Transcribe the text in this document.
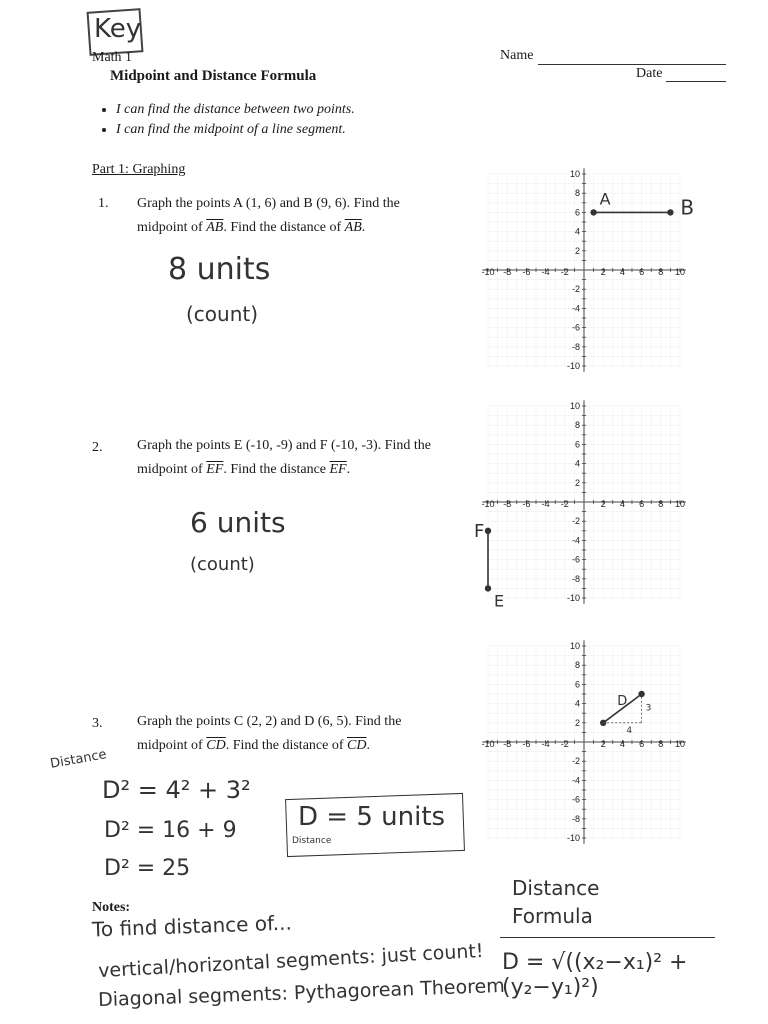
Key
Math 1
Midpoint and Distance Formula
Name
Date
• I can find the distance between two points.
• I can find the midpoint of a line segment.
Part 1: Graphing
1. Graph the points A (1, 6) and B (9, 6). Find the
midpoint of $\overline{AB}$. Find the distance of $\overline{AB}$.
8 units
(count)
2. Graph the points E (-10, -9) and F (-10, -3). Find the
midpoint of $\overline{EF}$. Find the distance $\overline{EF}$.
6 units
(count)
3. Graph the points C (2, 2) and D (6, 5). Find the
midpoint of $\overline{CD}$. Find the distance of $\overline{CD}$.
Distance
D² = 4² + 3²
D² = 16 + 9
D² = 25
D = 5 units
Distance
-10 -8 -6 -4 -2	2 4 6 8 10
10
8
6
4
2
-2
-4
-6
-8
-10
A	B
-10 -8 -6 -4 -2	2 4 6 8 10
10
8
6
4
2
-2
-4
-6
-8
-10
F
E
-10 -8 -6 -4 -2	2 4 6 8 10
10
8
6
4
2
-2
-4
-6
-8
-10
D
4
3
Notes:
To find distance of...
vertical/horizontal segments: just count!
Diagonal segments: Pythagorean Theorem
Distance
Formula
D = √((x₂−x₁)² + (y₂−y₁)²)
